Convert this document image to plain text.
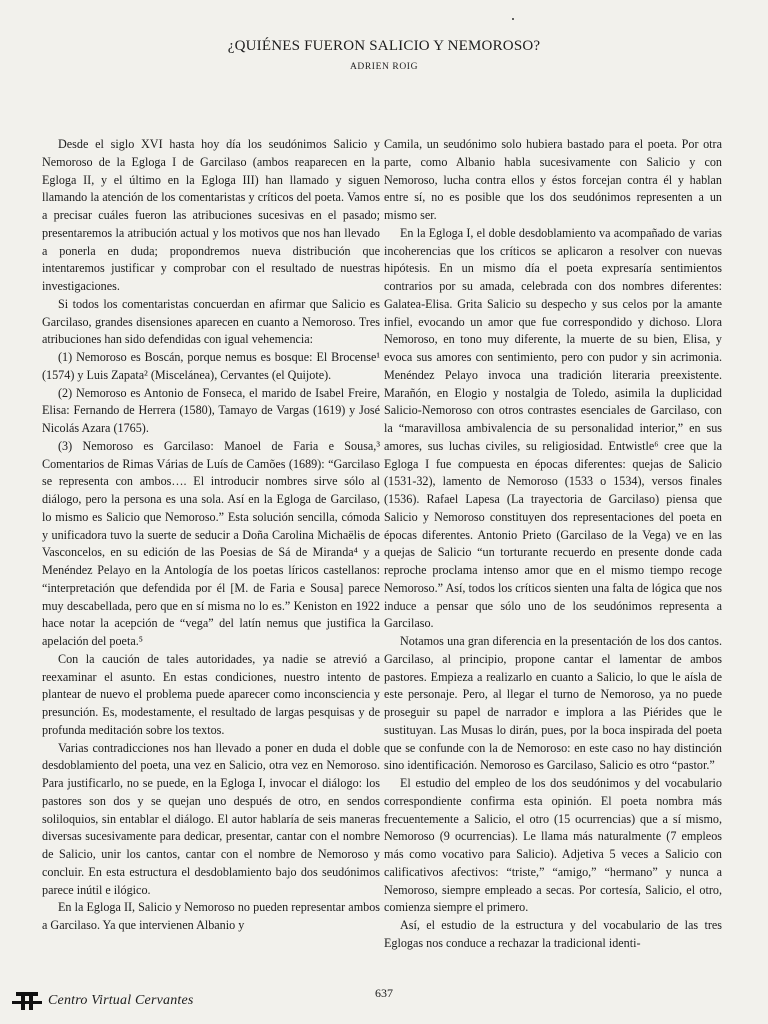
¿QUIÉNES FUERON SALICIO Y NEMOROSO?
ADRIEN ROIG

Desde el siglo XVI hasta hoy día los seudónimos Salicio y Nemoroso de la Egloga I de Garcilaso (ambos reaparecen en la Egloga II, y el último en la Egloga III) han llamado y siguen llamando la atención de los comentaristas y críticos del poeta. Vamos a precisar cuáles fueron las atribuciones sucesivas en el pasado; presentaremos la atribución actual y los motivos que nos han llevado a ponerla en duda; propondremos nueva distribución que intentaremos justificar y comprobar con el resultado de nuestras investigaciones.

Si todos los comentaristas concuerdan en afirmar que Salicio es Garcilaso, grandes disensiones aparecen en cuanto a Nemoroso. Tres atribuciones han sido defendidas con igual vehemencia:

(1) Nemoroso es Boscán, porque nemus es bosque: El Brocense¹ (1574) y Luis Zapata² (Miscelánea), Cervantes (el Quijote).

(2) Nemoroso es Antonio de Fonseca, el marido de Isabel Freire, Elisa: Fernando de Herrera (1580), Tamayo de Vargas (1619) y José Nicolás Azara (1765).

(3) Nemoroso es Garcilaso: Manoel de Faria e Sousa,³ Comentarios de Rimas Várias de Luís de Camões (1689): “Garcilaso se representa con ambos…. El introducir nombres sirve sólo al diálogo, pero la persona es una sola. Así en la Egloga de Garcilaso, lo mismo es Salicio que Nemoroso.” Esta solución sencilla, cómoda y unificadora tuvo la suerte de seducir a Doña Carolina Michaëlis de Vasconcelos, en su edición de las Poesias de Sá de Miranda⁴ y a Menéndez Pelayo en la Antología de los poetas líricos castellanos: “interpretación que defendida por él [M. de Faria e Sousa] parece muy descabellada, pero que en sí misma no lo es.” Keniston en 1922 hace notar la acepción de “vega” del latín nemus que justifica la apelación del poeta.⁵

Con la caución de tales autoridades, ya nadie se atrevió a reexaminar el asunto. En estas condiciones, nuestro intento de plantear de nuevo el problema puede aparecer como inconsciencia y presunción. Es, modestamente, el resultado de largas pesquisas y de profunda meditación sobre los textos.

Varias contradicciones nos han llevado a poner en duda el doble desdoblamiento del poeta, una vez en Salicio, otra vez en Nemoroso. Para justificarlo, no se puede, en la Egloga I, invocar el diálogo: los pastores son dos y se quejan uno después de otro, en sendos soliloquios, sin entablar el diálogo. El autor hablaría de seis maneras diversas sucesivamente para dedicar, presentar, cantar con el nombre de Salicio, unir los cantos, cantar con el nombre de Nemoroso y concluir. En esta estructura el desdoblamiento bajo dos seudónimos parece inútil e ilógico.

En la Egloga II, Salicio y Nemoroso no pueden representar ambos a Garcilaso. Ya que intervienen Albanio y

Camila, un seudónimo solo hubiera bastado para el poeta. Por otra parte, como Albanio habla sucesivamente con Salicio y con Nemoroso, lucha contra ellos y éstos forcejan contra él y hablan entre sí, no es posible que los dos seudónimos representen a un mismo ser.

En la Egloga I, el doble desdoblamiento va acompañado de varias incoherencias que los críticos se aplicaron a resolver con nuevas hipótesis. En un mismo día el poeta expresaría sentimientos contrarios por su amada, celebrada con dos nombres diferentes: Galatea-Elisa. Grita Salicio su despecho y sus celos por la amante infiel, evocando un amor que fue correspondido y dichoso. Llora Nemoroso, en tono muy diferente, la muerte de su bien, Elisa, y evoca sus amores con sentimiento, pero con pudor y sin acrimonia. Menéndez Pelayo invoca una tradición literaria preexistente. Marañón, en Elogio y nostalgia de Toledo, asimila la duplicidad Salicio-Nemoroso con otros contrastes esenciales de Garcilaso, con la “maravillosa ambivalencia de su personalidad interior,” en sus amores, sus luchas civiles, su religiosidad. Entwistle⁶ cree que la Egloga I fue compuesta en épocas diferentes: quejas de Salicio (1531-32), lamento de Nemoroso (1533 o 1534), versos finales (1536). Rafael Lapesa (La trayectoria de Garcilaso) piensa que Salicio y Nemoroso constituyen dos representaciones del poeta en épocas diferentes. Antonio Prieto (Garcilaso de la Vega) ve en las quejas de Salicio “un torturante recuerdo en presente donde cada reproche proclama intenso amor que en el mismo tiempo recoge Nemoroso.” Así, todos los críticos sienten una falta de lógica que nos induce a pensar que sólo uno de los seudónimos representa a Garcilaso.

Notamos una gran diferencia en la presentación de los dos cantos. Garcilaso, al principio, propone cantar el lamentar de ambos pastores. Empieza a realizarlo en cuanto a Salicio, lo que le aísla de este personaje. Pero, al llegar el turno de Nemoroso, ya no puede proseguir su papel de narrador e implora a las Piérides que le sustituyan. Las Musas lo dirán, pues, por la boca inspirada del poeta que se confunde con la de Nemoroso: en este caso no hay distinción sino identificación. Nemoroso es Garcilaso, Salicio es otro “pastor.”

El estudio del empleo de los dos seudónimos y del vocabulario correspondiente confirma esta opinión. El poeta nombra más frecuentemente a Salicio, el otro (15 ocurrencias) que a sí mismo, Nemoroso (9 ocurrencias). Le llama más naturalmente (7 empleos más como vocativo para Salicio). Adjetiva 5 veces a Salicio con calificativos afectivos: “triste,” “amigo,” “hermano” y nunca a Nemoroso, siempre empleado a secas. Por cortesía, Salicio, el otro, comienza siempre el primero.

Así, el estudio de la estructura y del vocabulario de las tres Eglogas nos conduce a rechazar la tradicional identi-

Centro Virtual Cervantes	637
